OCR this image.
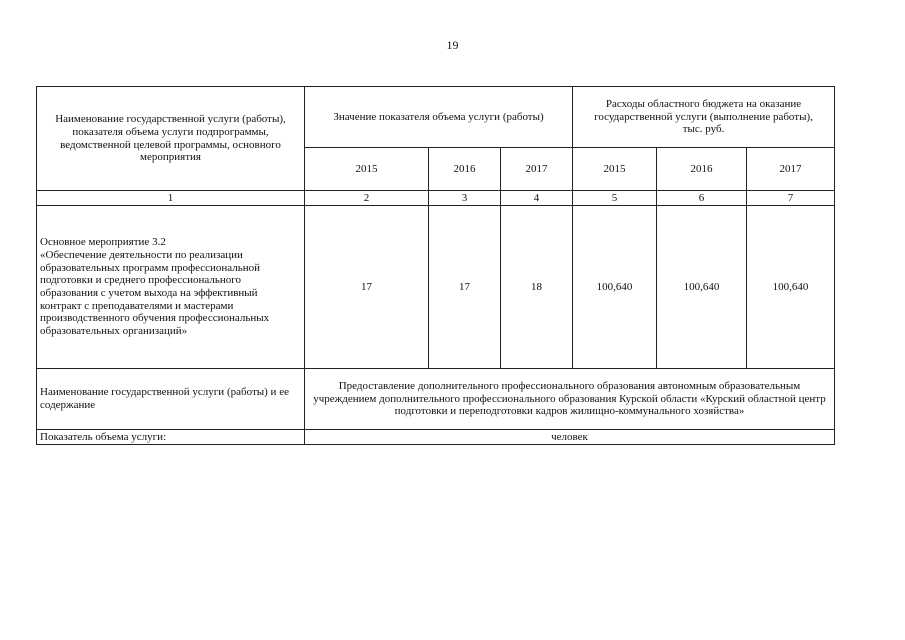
19
Наименование государственной услуги (работы), показателя объема услуги подпрограммы, ведомственной целевой программы, основного мероприятия	Значение показателя объема услуги (работы)			Расходы областного бюджета на оказание государственной услуги (выполнение работы),
тыс. руб.		
	2015	2016	2017	2015	2016	2017
1	2	3	4	5	6	7
Основное мероприятие 3.2
«Обеспечение деятельности по реализации образовательных программ профессиональной подготовки и среднего профессионального образования с учетом выхода на эффективный контракт с преподавателями и мастерами производственного обучения профессиональных образовательных организаций»	17	17	18	100,640	100,640	100,640
Наименование государственной услуги (работы) и ее содержание	Предоставление дополнительного профессионального образования автономным образовательным учреждением дополнительного профессионального образования Курской области «Курский областной центр подготовки и переподготовки кадров жилищно-коммунального хозяйства»					
Показатель объема услуги:	человек					
